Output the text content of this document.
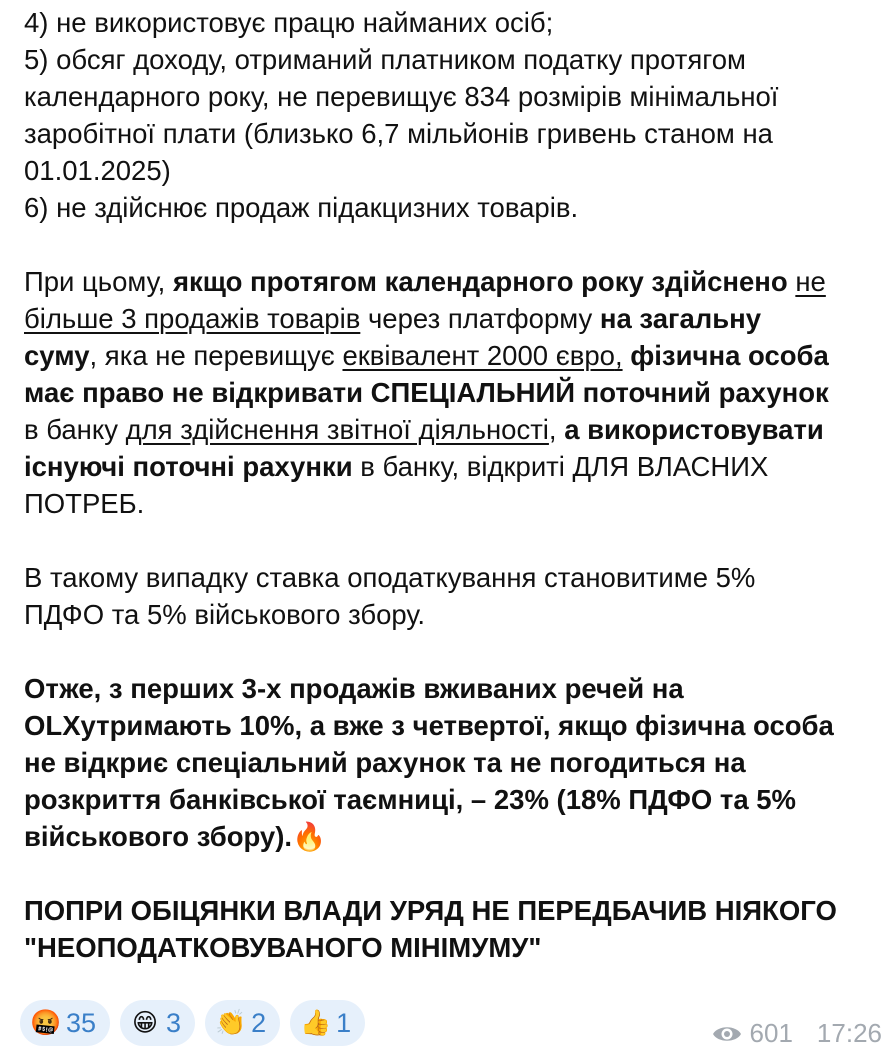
4) не використовує працю найманих осіб;
5) обсяг доходу, отриманий платником податку протягом
календарного року, не перевищує 834 розмірів мінімальної
заробітної плати (близько 6,7 мільйонів гривень станом на
01.01.2025)
6) не здійснює продаж підакцизних товарів.
При цьому, якщо протягом календарного року здійснено не
більше 3 продажів товарів через платформу на загальну
суму, яка не перевищує еквівалент 2000 євро, фізична особа
має право не відкривати СПЕЦІАЛЬНИЙ поточний рахунок
в банку для здійснення звітної діяльності, а використовувати
існуючі поточні рахунки в банку, відкриті ДЛЯ ВЛАСНИХ
ПОТРЕБ.
В такому випадку ставка оподаткування становитиме 5%
ПДФО та 5% військового збору.
Отже, з перших 3-х продажів вживаних речей на
OLXутримають 10%, а вже з четвертої, якщо фізична особа
не відкриє спеціальний рахунок та не погодиться на
розкриття банківської таємниці, – 23% (18% ПДФО та 5%
військового збору).🔥
ПОПРИ ОБІЦЯНКИ ВЛАДИ УРЯД НЕ ПЕРЕДБАЧИВ НІЯКОГО
"НЕОПОДАТКОВУВАНОГО МІНІМУМУ"
🤬 35 😁 3 👏 2 👍 1	601 17:26
